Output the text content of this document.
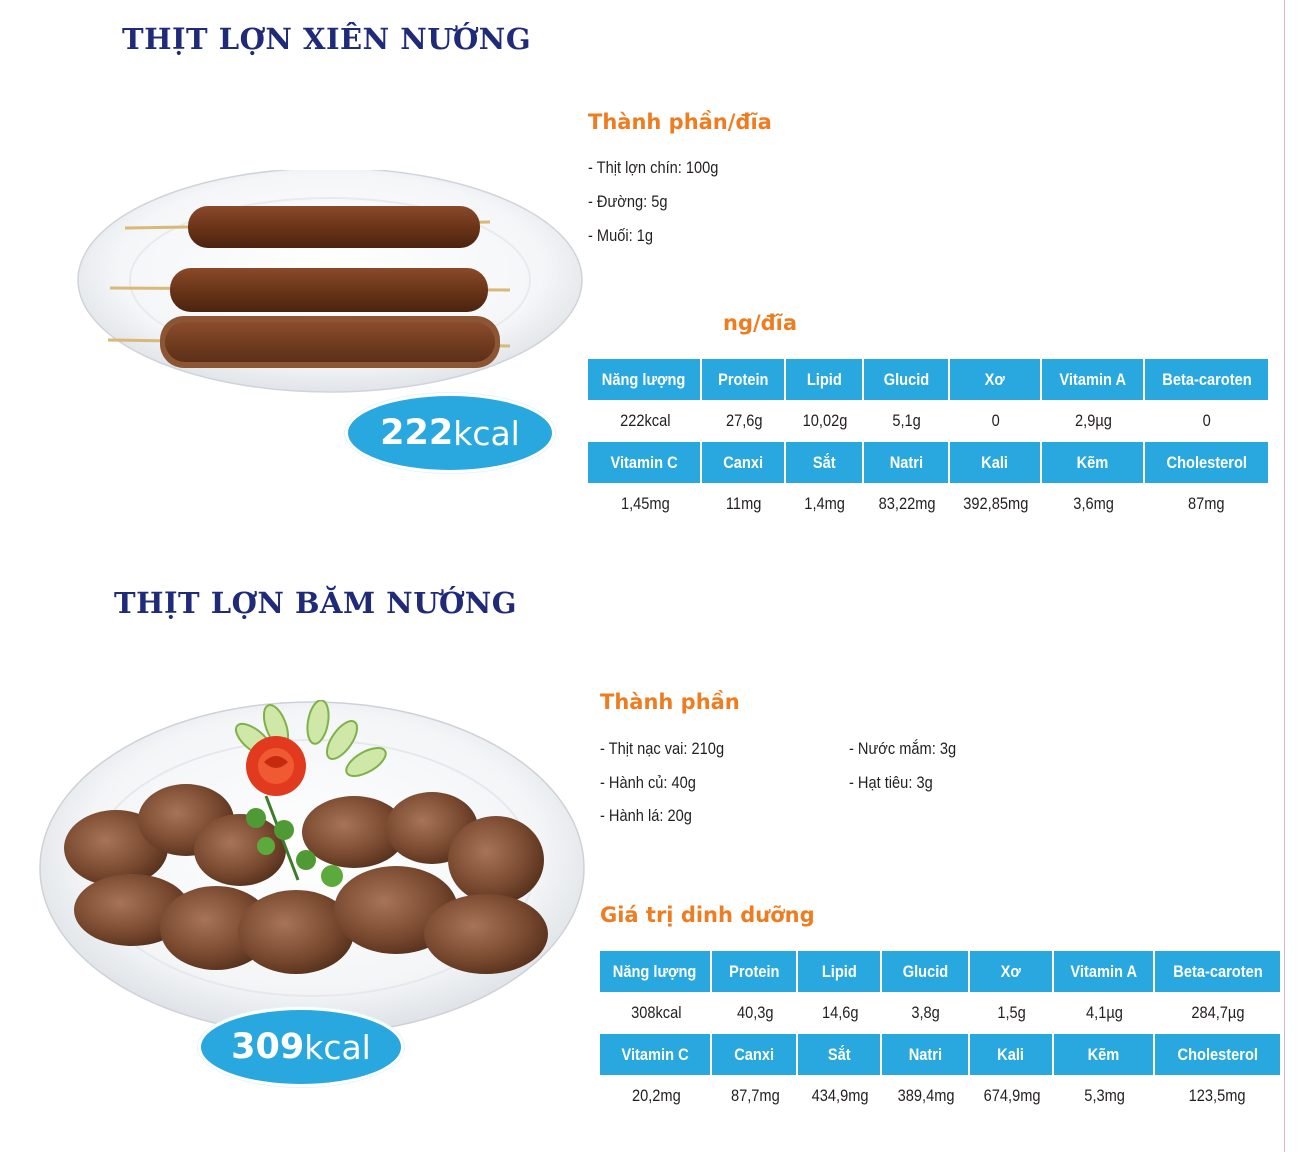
THỊT LỢN XIÊN NƯỚNG
222 kcal
Thành phần/đĩa
- Thịt lợn chín: 100g
- Đường: 5g
- Muối: 1g
ng/đĩa
Năng lượng	Protein	Lipid	Glucid	Xơ	Vitamin A	Beta-caroten
222kcal	27,6g	10,02g	5,1g	0	2,9µg	0
Vitamin C	Canxi	Sắt	Natri	Kali	Kẽm	Cholesterol
1,45mg	11mg	1,4mg	83,22mg	392,85mg	3,6mg	87mg
THỊT LỢN BĂM NƯỚNG
309 kcal
Thành phần
- Thịt nạc vai: 210g
- Hành củ: 40g
- Hành lá: 20g
- Nước mắm: 3g
- Hạt tiêu: 3g
Giá trị dinh dưỡng
Năng lượng	Protein	Lipid	Glucid	Xơ	Vitamin A	Beta-caroten
308kcal	40,3g	14,6g	3,8g	1,5g	4,1µg	284,7µg
Vitamin C	Canxi	Sắt	Natri	Kali	Kẽm	Cholesterol
20,2mg	87,7mg	434,9mg	389,4mg	674,9mg	5,3mg	123,5mg
